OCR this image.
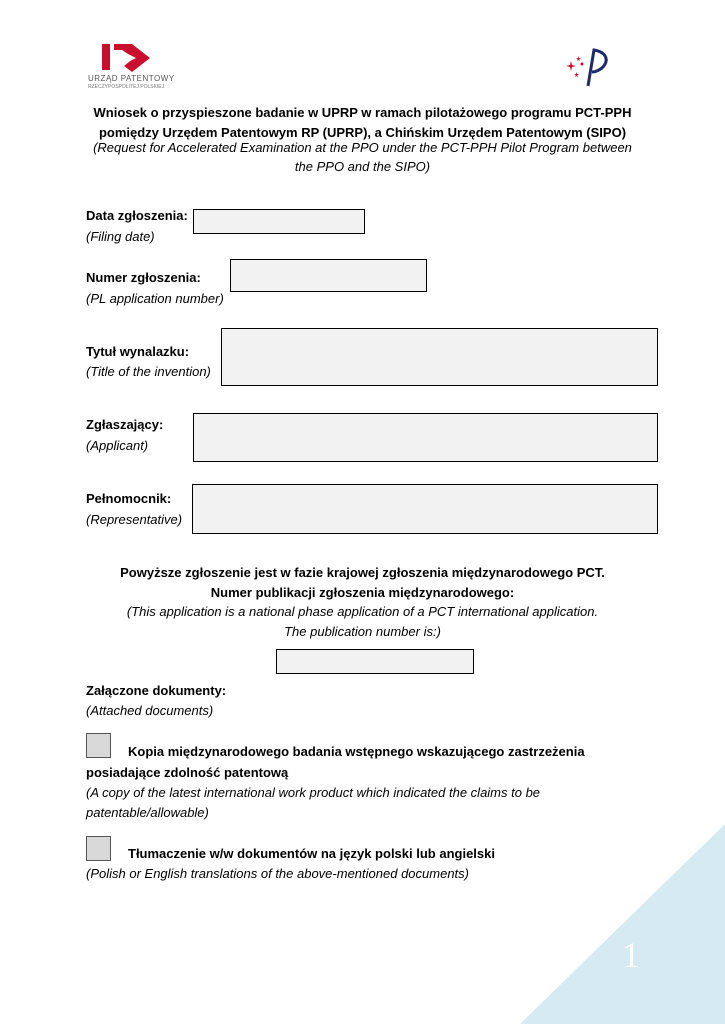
URZĄD PATENTOWY
RZECZYPOSPOLITEJ POLSKIEJ
Wniosek o przyspieszone badanie w UPRP w ramach pilotażowego programu PCT-PPH
pomiędzy Urzędem Patentowym RP (UPRP), a Chińskim Urzędem Patentowym (SIPO)
(Request for Accelerated Examination at the PPO under the PCT-PPH Pilot Program between
the PPO and the SIPO)
Data zgłoszenia:
(Filing date)
Numer zgłoszenia:
(PL application number)
Tytuł wynalazku:
(Title of the invention)
Zgłaszający:
(Applicant)
Pełnomocnik:
(Representative)
Powyższe zgłoszenie jest w fazie krajowej zgłoszenia międzynarodowego PCT.
Numer publikacji zgłoszenia międzynarodowego:
(This application is a national phase application of a PCT international application.
The publication number is:)
Załączone dokumenty:
(Attached documents)
Kopia międzynarodowego badania wstępnego wskazującego zastrzeżenia
posiadające zdolność patentową
(A copy of the latest international work product which indicated the claims to be
patentable/allowable)
Tłumaczenie w/w dokumentów na język polski lub angielski
(Polish or English translations of the above-mentioned documents)
1
